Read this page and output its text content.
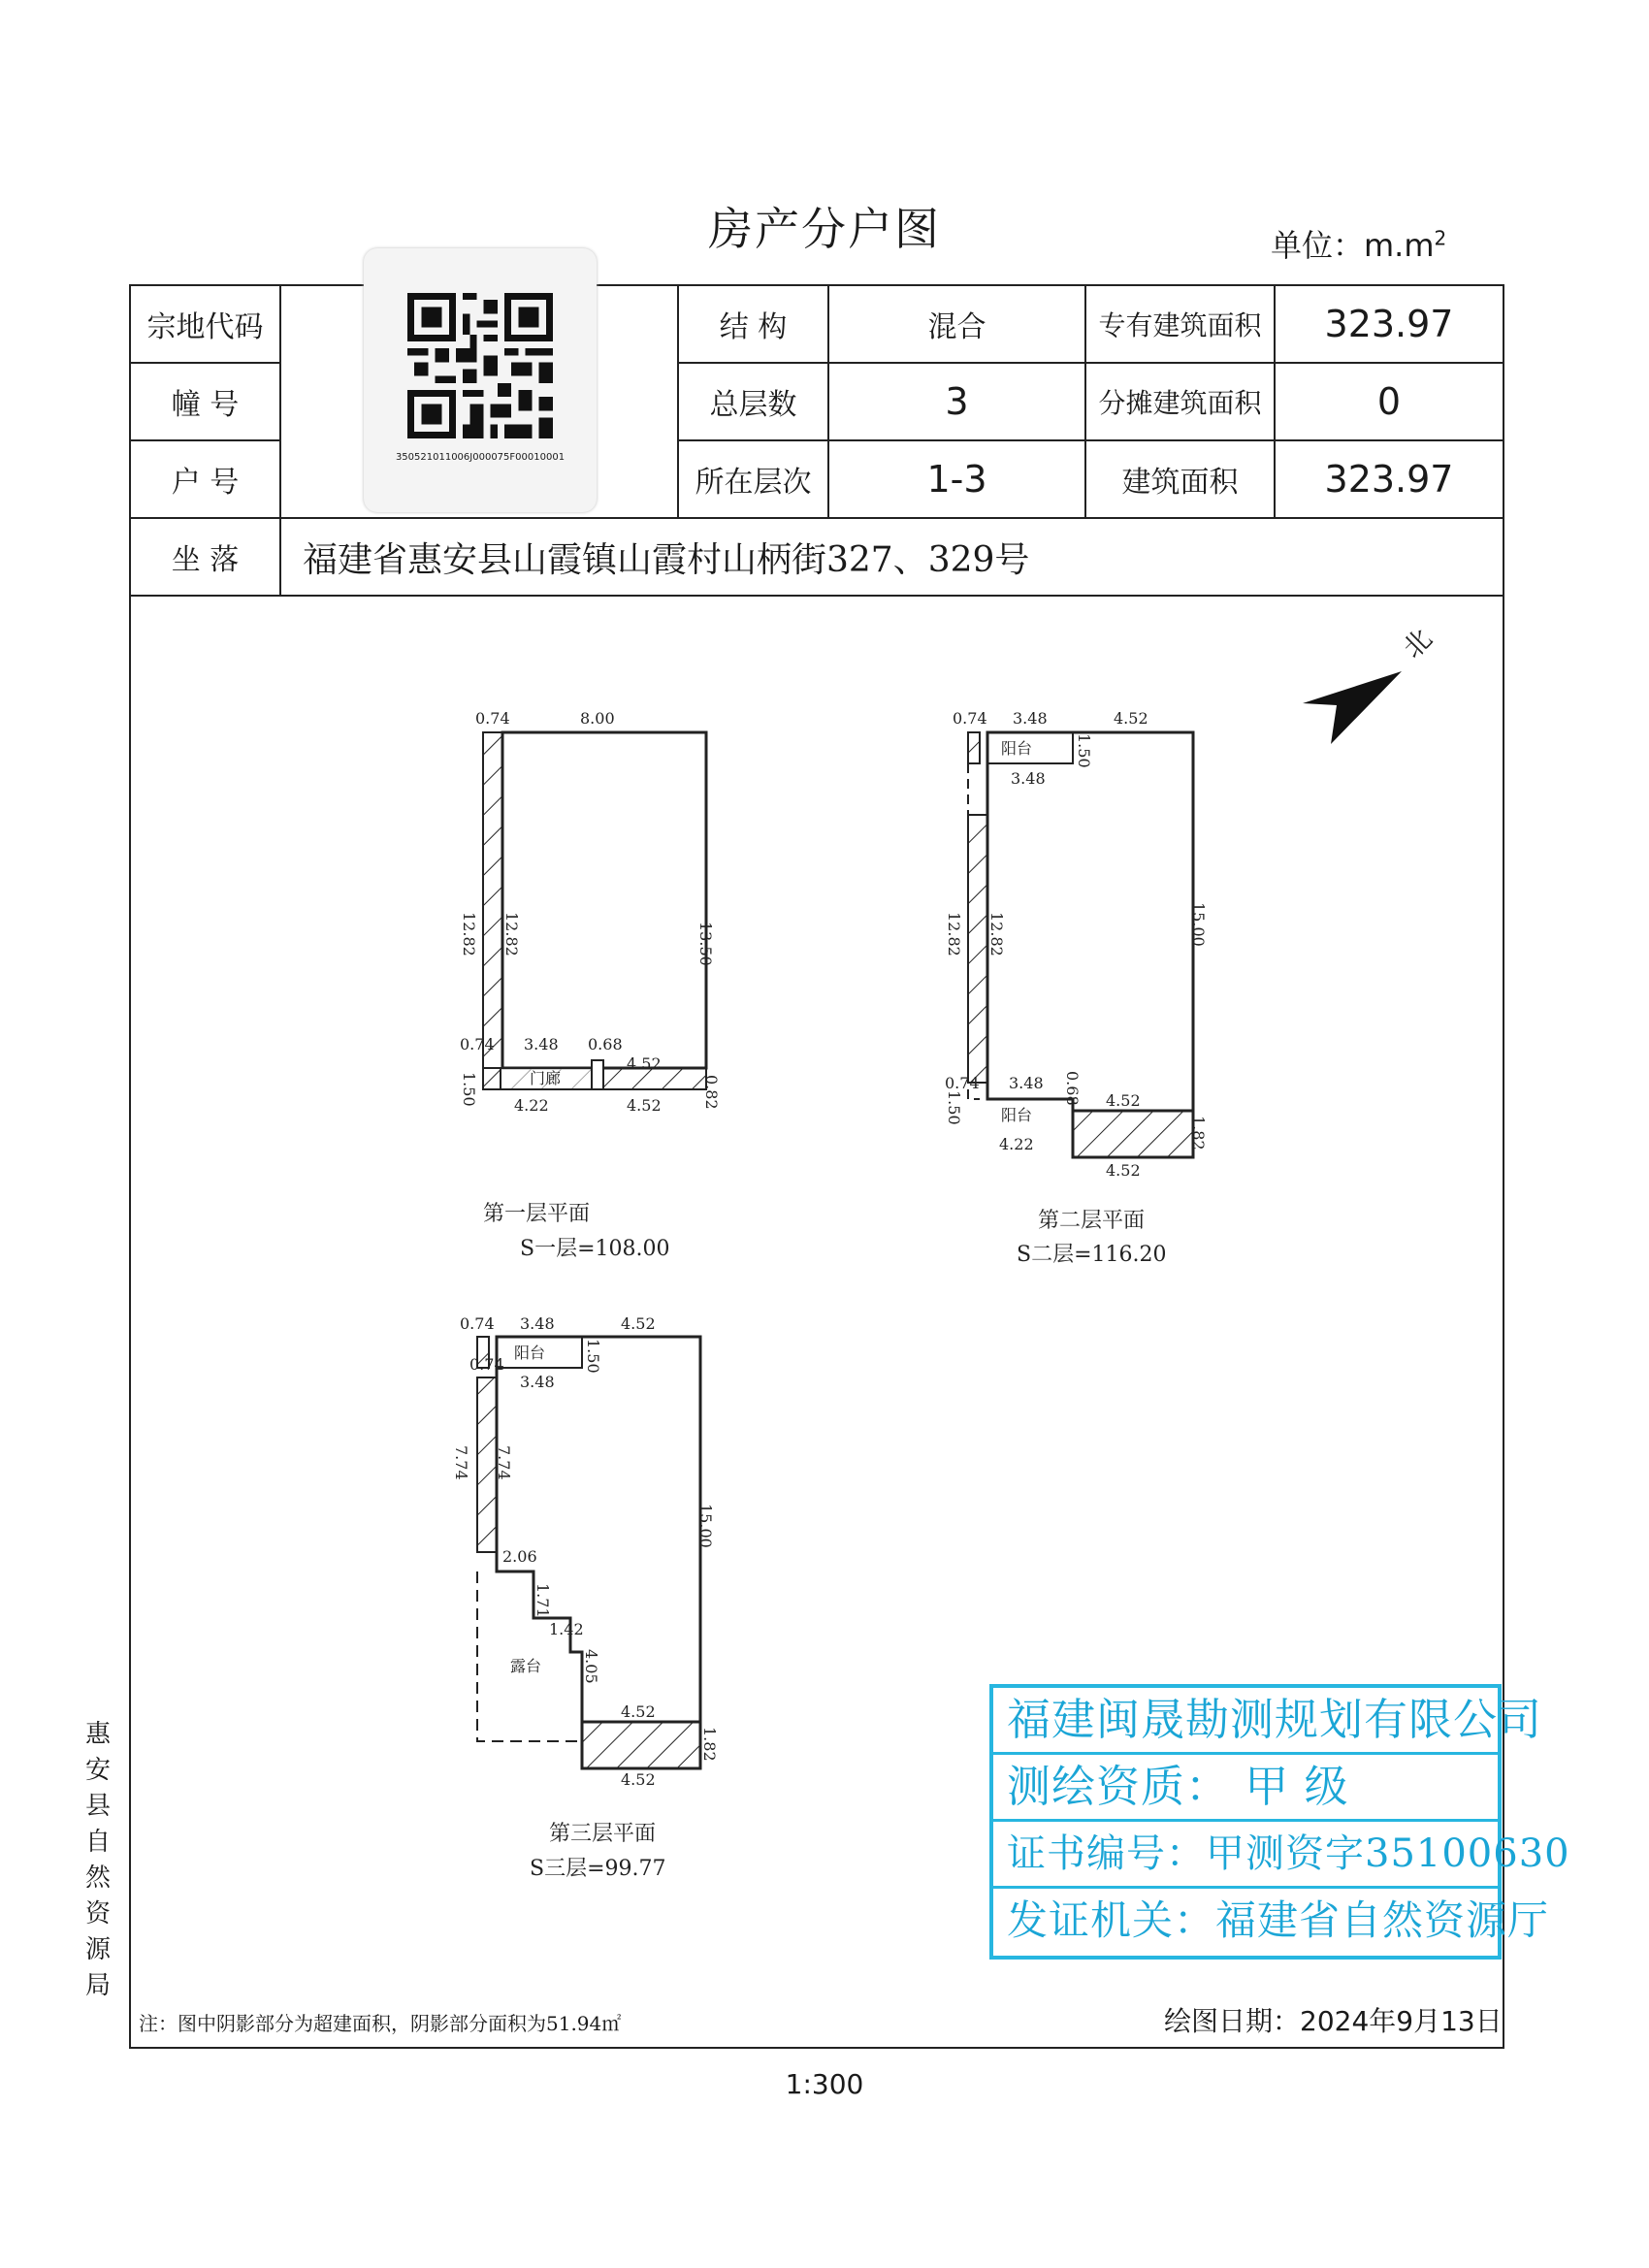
房产分户图	单位：$m.m^2$
宗地代码		结 构	混合	专有建筑面积	323.97
幢 号		总层数	3	分摊建筑面积	0
户 号		所在层次	1-3	建筑面积	323.97
坐 落	福建省惠安县山霞镇山霞村山柄街327、329号				
350521011006J000075F00010001
0.74	8.00
12.82 12.82	13.50
0.74 3.48 0.68
4.52
1.50 4.22	4.52	0.82
门廊
第一层平面
S一层=108.00
0.74 3.48	4.52
1.50
3.48
12.82 12.82	15.00
0.74 3.48 0.68 4.52
1.50
4.22	1.82
4.52
阳台
阳台
第二层平面
S二层=116.20
0.74 3.48	4.52
0.74	1.50
3.48
7.74 7.74
15.00
2.06
1.71
1.42
4.05
4.52
1.82
4.52
阳台
露台
第三层平面
S三层=99.77
北
惠安县自然资源局
注：图中阴影部分为超建面积，阴影部分面积为51.94㎡	绘图日期：2024年9月13日
1:300
福建闽晟勘测规划有限公司
测绘资质： 甲 级
证书编号：甲测资字35100630
发证机关：福建省自然资源厅
